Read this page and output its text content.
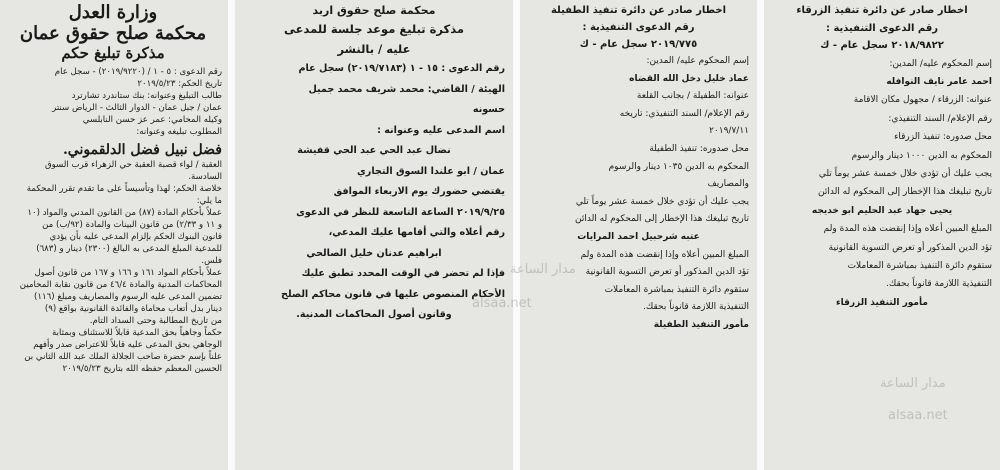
اخطار صادر عن دائرة تنفيذ الزرقاء

رقم الدعوى التنفيذية :

٢٠١٨/٩٨٢٢ سجل عام - ك

إسم المحكوم عليه/ المدين:

احمد عامر نايف النوافله

عنوانه: الزرقاء / مجهول مكان الاقامة

رقم الإعلام/ السند التنفيذي:

محل صدوره: تنفيذ الزرقاء

المحكوم به الدين ١٠٠٠ دينار والرسوم

يجب عليك أن تؤدي خلال خمسة عشر يوماً تلي

تاريخ تبليغك هذا الإخطار إلى المحكوم له الدائن

يحيى جهاد عبد الحليم ابو خديجه

المبلغ المبين أعلاه وإذا إنقضت هذه المدة ولم

تؤد الدين المذكور أو تعرض التسوية القانونية

ستقوم دائرة التنفيذ بمباشرة المعاملات

التنفيذية اللازمة قانوناً بحقك.

مأمور التنفيذ الزرقاء

اخطار صادر عن دائرة تنفيذ الطفيلة

رقم الدعوى التنفيذية :

٢٠١٩/٧٧٥ سجل عام - ك

إسم المحكوم عليه/ المدين:

عماد خليل دخل الله القضاه

عنوانه: الطفيلة / بجانب القلعة

رقم الإعلام/ السند التنفيذي: تاريخه

٢٠١٩/٧/١١

محل صدوره: تنفيذ الطفيلة

المحكوم به الدين ١٠٣٥ دينار والرسوم

والمصاريف

يجب عليك أن تؤدي خلال خمسة عشر يوماً تلي

تاريخ تبليغك هذا الإخطار إلى المحكوم له الدائن

عتبه شرحبيل احمد المرايات

المبلغ المبين أعلاه وإذا إنقضت هذه المدة ولم

تؤد الدين المذكور أو تعرض التسوية القانونية

ستقوم دائرة التنفيذ بمباشرة المعاملات

التنفيذية اللازمة قانوناً بحقك.

مأمور التنفيذ الطفيلة

محكمة صلح حقوق اربد

مذكرة تبليغ موعد جلسة للمدعى

عليه / بالنشر

رقم الدعوى : ١٥ - ١ (٢٠١٩/٧١٨٣) سجل عام

الهيئة / القاضي: محمد شريف محمد جميل

حسونه

اسم المدعى عليه وعنوانه :

نضال عبد الحي عبد الحي قفيشة

عمان / ابو علندا السوق التجاري

يقتضي حضورك يوم الاربعاء الموافق

٢٠١٩/٩/٢٥ الساعة التاسعة للنظر في الدعوى

رقم أعلاه والتي أقامها عليك المدعي،

ابراهيم عدنان خليل الصالحي

فإذا لم تحضر في الوقت المحدد تطبق عليك

الأحكام المنصوص عليها في قانون محاكم الصلح

وقانون أصول المحاكمات المدنية.

وزارة العدل

محكمة صلح حقوق عمان

مذكرة تبليغ حكم

رقم الدعوى : ٥ - ١ / (٢٠١٩/٩٢٢٠) - سجل عام

تاريخ الحكم: ٢٠١٩/٥/٢٣

طالب التبليغ وعنوانه: بنك ستاندرد تشارترد

عمان / جبل عمان - الدوار الثالث - الرياض سنتر

وكيله المحامي: عمر عز حسن النابلسي

المطلوب تبليغه وعنوانه:

فضل نبيل فضل الدلقموني.

العقبة / لواء قصبة العقبة حي الزهراء قرب السوق

السادسة.

خلاصة الحكم: لهذا وتأسيساً على ما تقدم تقرر المحكمة

ما يلي:

عملاً بأحكام المادة (٨٧) من القانون المدني والمواد (١٠

و ١١ و ٢/٣٣) من قانون البينات والمادة (٩٢/ب) من

قانون البنوك الحكم بإلزام المدعى عليه بأن يؤدي

للمدعية المبلغ المدعى به البالغ (٢٣٠٠) دينار و (٦٨٣)

فلس.

عملاً بأحكام المواد ١٦١ و ١٦٦ و ١٦٧ من قانون أصول

المحاكمات المدنية والمادة ٤٦/٤ من قانون نقابة المحامين

تضمين المدعى عليه الرسوم والمصاريف ومبلغ (١١٦)

دينار بدل أتعاب محاماة والفائدة القانونية بواقع (٩)

من تاريخ المطالبة وحتى السداد التام.

حكماً وجاهياً بحق المدعية قابلاً للاستئناف وبمثابة

الوجاهي بحق المدعى عليه قابلاً للاعتراض صدر وأفهم

علناً بإسم حضرة صاحب الجلالة الملك عبد الله الثاني بن

الحسين المعظم حفظه الله بتاريخ ٢٠١٩/٥/٢٣

مدار الساعة
alsaa.net
مدار الساعة
alsaa.net
